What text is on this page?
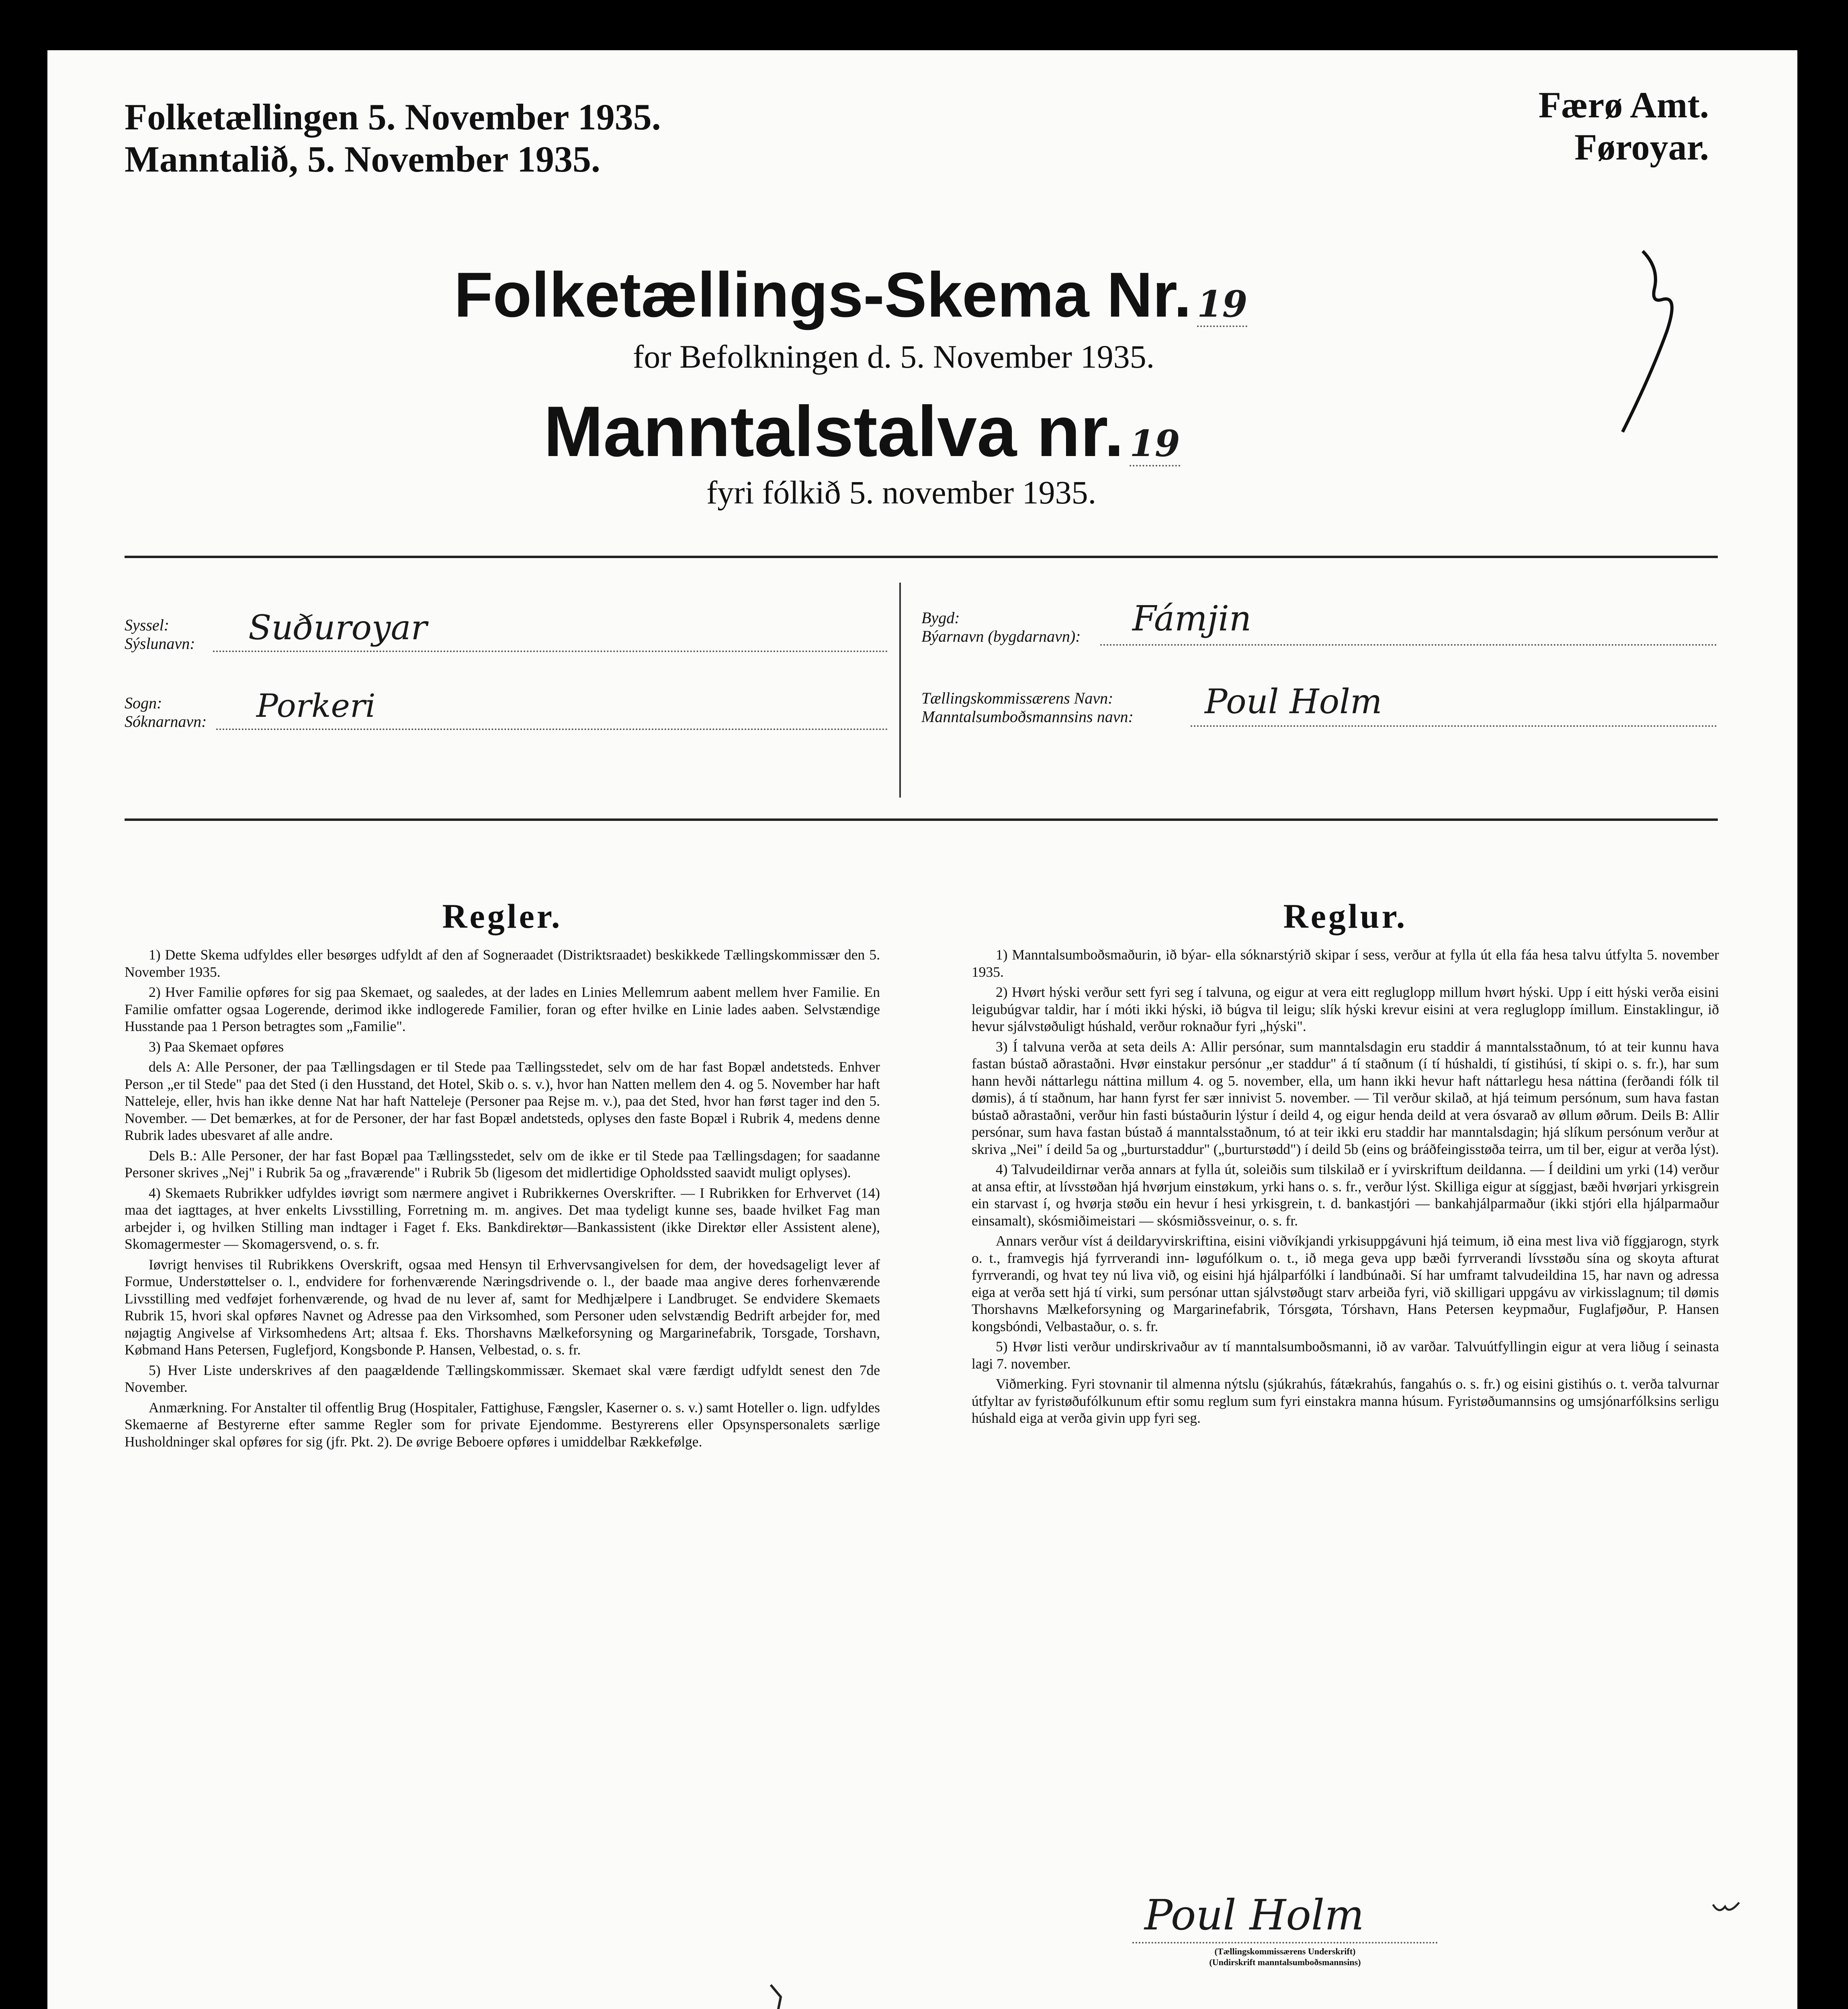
Folketællingen 5. November 1935.
Manntalið, 5. November 1935.
Færø Amt.
Føroyar.
Folketællings-Skema Nr. 19
for Befolkningen d. 5. November 1935.
Manntalstalva nr. 19
fyri fólkið 5. november 1935.
Syssel:
Sýslunavn: Suðuroyar
Sogn:
Sóknarnavn: Porkeri
Bygd:
Býarnavn (bygdarnavn): Fámjin
Tællingskommissærens Navn:
Manntalsumboðsmannsins navn: Poul Holm
Regler.

1) Dette Skema udfyldes eller besørges udfyldt af den af Sogneraadet (Distriktsraadet) beskikkede Tællingskommissær den 5. November 1935.

2) Hver Familie opføres for sig paa Skemaet, og saaledes, at der lades en Linies Mellemrum aabent mellem hver Familie. En Familie omfatter ogsaa Logerende, derimod ikke indlogerede Familier, foran og efter hvilke en Linie lades aaben. Selvstændige Husstande paa 1 Person betragtes som „Familie".

3) Paa Skemaet opføres

dels A: Alle Personer, der paa Tællingsdagen er til Stede paa Tællingsstedet, selv om de har fast Bopæl andetsteds. Enhver Person „er til Stede" paa det Sted (i den Husstand, det Hotel, Skib o. s. v.), hvor han Natten mellem den 4. og 5. November har haft Natteleje, eller, hvis han ikke denne Nat har haft Natteleje (Personer paa Rejse m. v.), paa det Sted, hvor han først tager ind den 5. November. — Det bemærkes, at for de Personer, der har fast Bopæl andetsteds, oplyses den faste Bopæl i Rubrik 4, medens denne Rubrik lades ubesvaret af alle andre.

Dels B.: Alle Personer, der har fast Bopæl paa Tællingsstedet, selv om de ikke er til Stede paa Tællingsdagen; for saadanne Personer skrives „Nej" i Rubrik 5a og „fraværende" i Rubrik 5b (ligesom det midlertidige Opholdssted saavidt muligt oplyses).

4) Skemaets Rubrikker udfyldes iøvrigt som nærmere angivet i Rubrikkernes Overskrifter. — I Rubrikken for Erhvervet (14) maa det iagttages, at hver enkelts Livsstilling, Forretning m. m. angives. Det maa tydeligt kunne ses, baade hvilket Fag man arbejder i, og hvilken Stilling man indtager i Faget f. Eks. Bankdirektør—Bankassistent (ikke Direktør eller Assistent alene), Skomagermester — Skomagersvend, o. s. fr.

Iøvrigt henvises til Rubrikkens Overskrift, ogsaa med Hensyn til Erhvervsangivelsen for dem, der hovedsageligt lever af Formue, Understøttelser o. l., endvidere for forhenværende Næringsdrivende o. l., der baade maa angive deres forhenværende Livsstilling med vedføjet forhenværende, og hvad de nu lever af, samt for Medhjælpere i Landbruget. Se endvidere Skemaets Rubrik 15, hvori skal opføres Navnet og Adresse paa den Virksomhed, som Personer uden selvstændig Bedrift arbejder for, med nøjagtig Angivelse af Virksomhedens Art; altsaa f. Eks. Thorshavns Mælkeforsyning og Margarinefabrik, Torsgade, Torshavn, Købmand Hans Petersen, Fuglefjord, Kongsbonde P. Hansen, Velbestad, o. s. fr.

5) Hver Liste underskrives af den paagældende Tællingskommissær. Skemaet skal være færdigt udfyldt senest den 7de November.

Anmærkning. For Anstalter til offentlig Brug (Hospitaler, Fattighuse, Fængsler, Kaserner o. s. v.) samt Hoteller o. lign. udfyldes Skemaerne af Bestyrerne efter samme Regler som for private Ejendomme. Bestyrerens eller Opsynspersonalets særlige Husholdninger skal opføres for sig (jfr. Pkt. 2). De øvrige Beboere opføres i umiddelbar Rækkefølge.

Reglur.

1) Manntalsumboðsmaðurin, ið býar- ella sóknarstýrið skipar í sess, verður at fylla út ella fáa hesa talvu útfylta 5. november 1935.

2) Hvørt hýski verður sett fyri seg í talvuna, og eigur at vera eitt regluglopp millum hvørt hýski. Upp í eitt hýski verða eisini leigubúgvar taldir, har í móti ikki hýski, ið búgva til leigu; slík hýski krevur eisini at vera regluglopp ímillum. Einstaklingur, ið hevur sjálvstøðuligt húshald, verður roknaður fyri „hýski".

3) Í talvuna verða at seta deils A: Allir persónar, sum manntalsdagin eru staddir á manntalsstaðnum, tó at teir kunnu hava fastan bústað aðrastaðni. Hvør einstakur persónur „er staddur" á tí staðnum (í tí húshaldi, tí gistihúsi, tí skipi o. s. fr.), har sum hann hevði náttarlegu náttina millum 4. og 5. november, ella, um hann ikki hevur haft náttarlegu hesa náttina (ferðandi fólk til dømis), á tí staðnum, har hann fyrst fer sær innivist 5. november. — Til verður skilað, at hjá teimum persónum, sum hava fastan bústað aðrastaðni, verður hin fasti bústaðurin lýstur í deild 4, og eigur henda deild at vera ósvarað av øllum øðrum. Deils B: Allir persónar, sum hava fastan bústað á manntalsstaðnum, tó at teir ikki eru staddir har manntalsdagin; hjá slíkum persónum verður at skriva „Nei" í deild 5a og „burturstaddur" („burturstødd") í deild 5b (eins og bráðfeingisstøða teirra, um til ber, eigur at verða lýst).

4) Talvudeildirnar verða annars at fylla út, soleiðis sum tilskilað er í yvirskriftum deildanna. — Í deildini um yrki (14) verður at ansa eftir, at lívsstøðan hjá hvørjum einstøkum, yrki hans o. s. fr., verður lýst. Skilliga eigur at síggjast, bæði hvørjari yrkisgrein ein starvast í, og hvørja støðu ein hevur í hesi yrkisgrein, t. d. bankastjóri — bankahjálparmaður (ikki stjóri ella hjálparmaður einsamalt), skósmiðimeistari — skósmiðssveinur, o. s. fr.

Annars verður víst á deildaryvirskriftina, eisini viðvíkjandi yrkisuppgávuni hjá teimum, ið eina mest liva við fíggjarogn, styrk o. t., framvegis hjá fyrrverandi inn- løgufólkum o. t., ið mega geva upp bæði fyrrverandi lívsstøðu sína og skoyta afturat fyrrverandi, og hvat tey nú liva við, og eisini hjá hjálparfólki í landbúnaði. Sí har umframt talvudeildina 15, har navn og adressa eiga at verða sett hjá tí virki, sum persónar uttan sjálvstøðugt starv arbeiða fyri, við skilligari uppgávu av virkisslagnum; til dømis Thorshavns Mælkeforsyning og Margarinefabrik, Tórsgøta, Tórshavn, Hans Petersen keypmaður, Fuglafjøður, P. Hansen kongsbóndi, Velbastaður, o. s. fr.

5) Hvør listi verður undirskrivaður av tí manntalsumboðsmanni, ið av varðar. Talvuútfyllingin eigur at vera liðug í seinasta lagi 7. november.

Viðmerking. Fyri stovnanir til almenna nýtslu (sjúkrahús, fátækrahús, fangahús o. s. fr.) og eisini gistihús o. t. verða talvurnar útfyltar av fyristøðufólkunum eftir somu reglum sum fyri einstakra manna húsum. Fyristøðumannsins og umsjónarfólksins serligu húshald eiga at verða givin upp fyri seg.

Poul Holm
(Tællingskommissærens Underskrift)
(Undirskrift manntalsumboðsmannsins)
